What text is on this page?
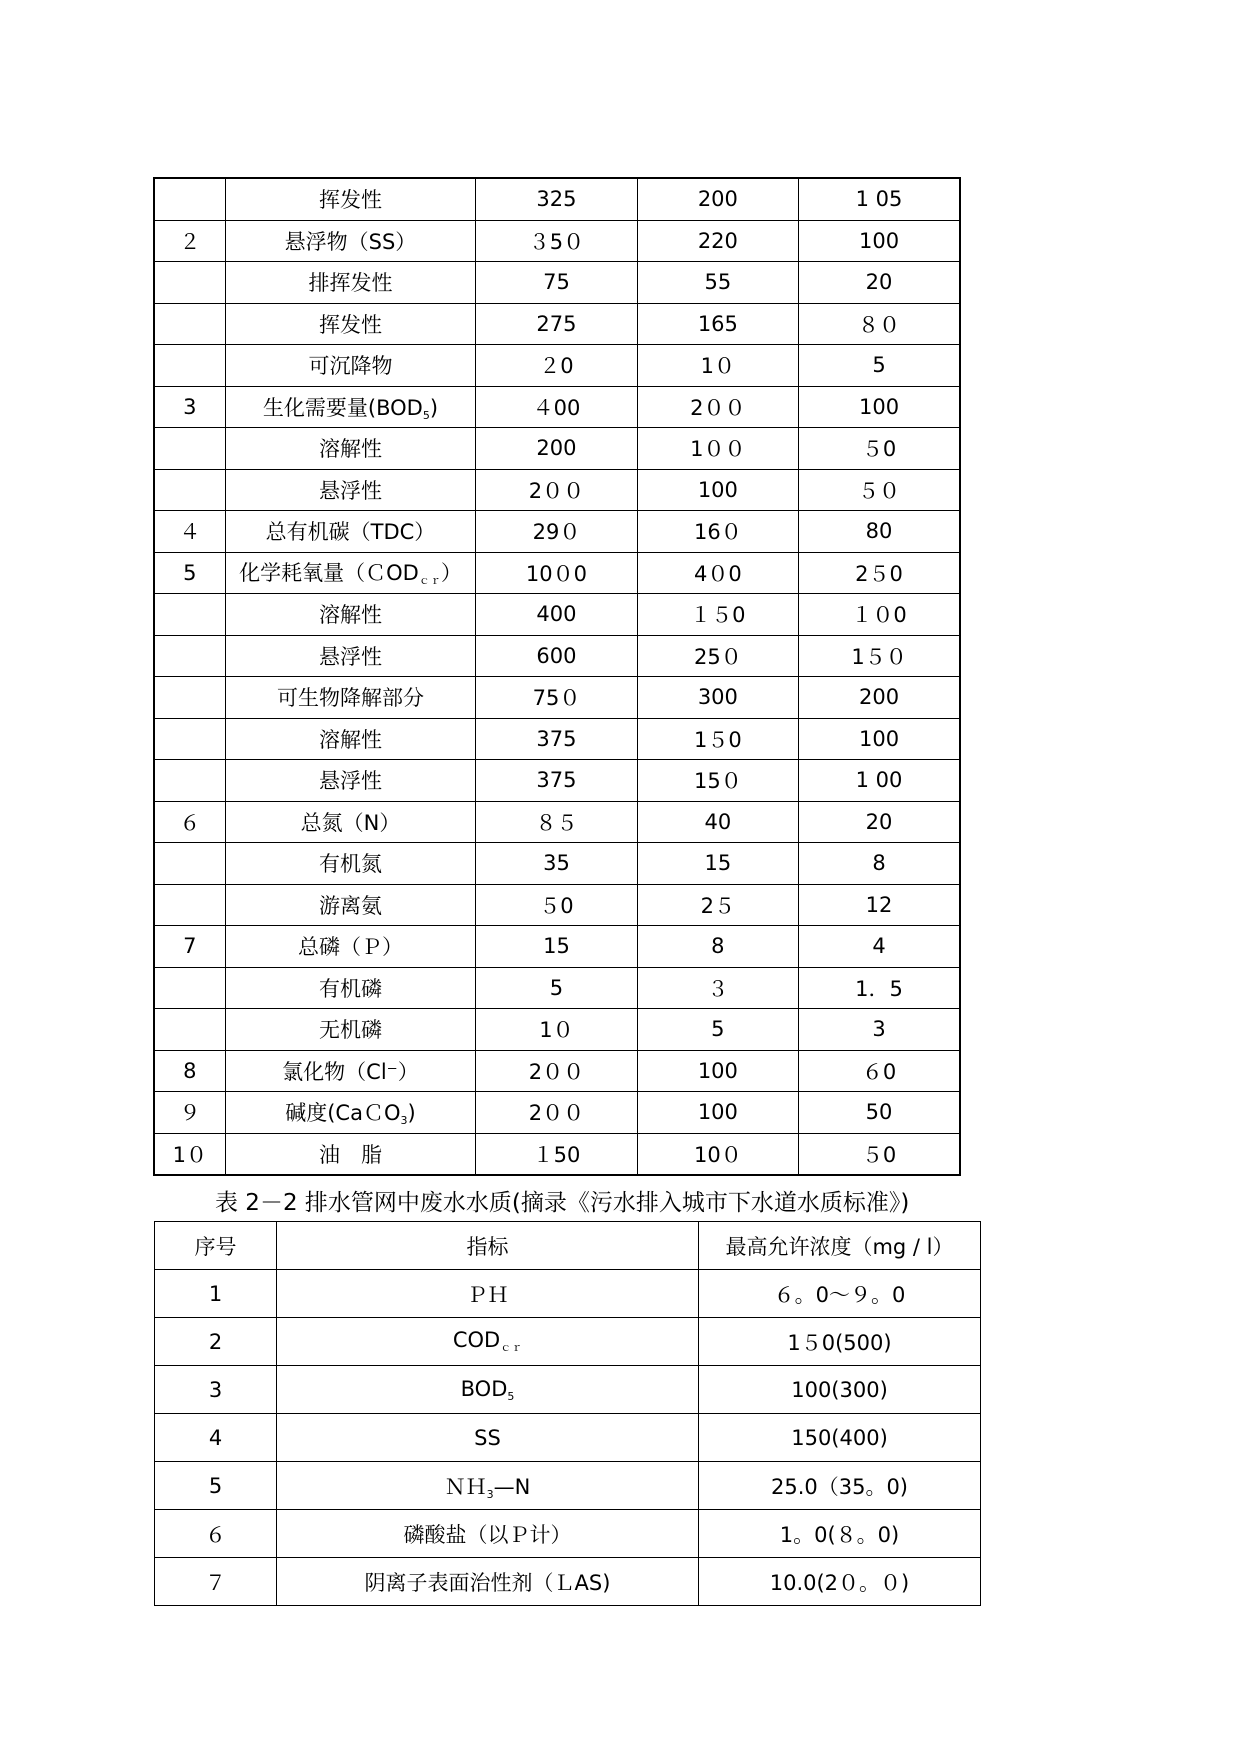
	挥发性	325	200	1 05
２	悬浮物（SS）	３5０	220	100
	排挥发性	75	55	20
	挥发性	275	165	８０
	可沉降物	２0	1０	5
3	生化需要量$(BOD_5)$	４00	2００	100
	溶解性	200	1００	５0
	悬浮性	2００	100	５０
４	总有机碳（TDC）	29０	16０	80
5	化学耗氧量（ＣOD$_{cr}$）	10０0	4０0	2５0
	溶解性	400	１５0	１０0
	悬浮性	600	25０	1５０
	可生物降解部分	75０	300	200
	溶解性	375	1５0	100
	悬浮性	375	15０	1 00
６	总氮（N）	８５	40	20
	有机氮	35	15	8
	游离氨	５0	2５	12
7	总磷（Ｐ）	15	8	4
	有机磷	5	３	1．5
	无机磷	1０	5	3
8	氯化物（Cl⁻）	2００	100	６0
９	碱度(CaＣO$_3$)	2００	100	50
1０	油　脂	１50	10０	５0
表 2－2 排水管网中废水水质(摘录《污水排入城市下水道水质标准》)
序号	指标	最高允许浓度（mg / l）
1	ＰＨ	６。0～９。0
2	$COD_{cr}$	1５0(500)
3	$BOD_5$	100(300)
4	SS	150(400)
5	ＮＨ$_3$—N	25.0（35。0)
６	磷酸盐（以Ｐ计）	1。0(８。0)
７	阴离子表面治性剂（ＬAS)	10.0(2０。０)
